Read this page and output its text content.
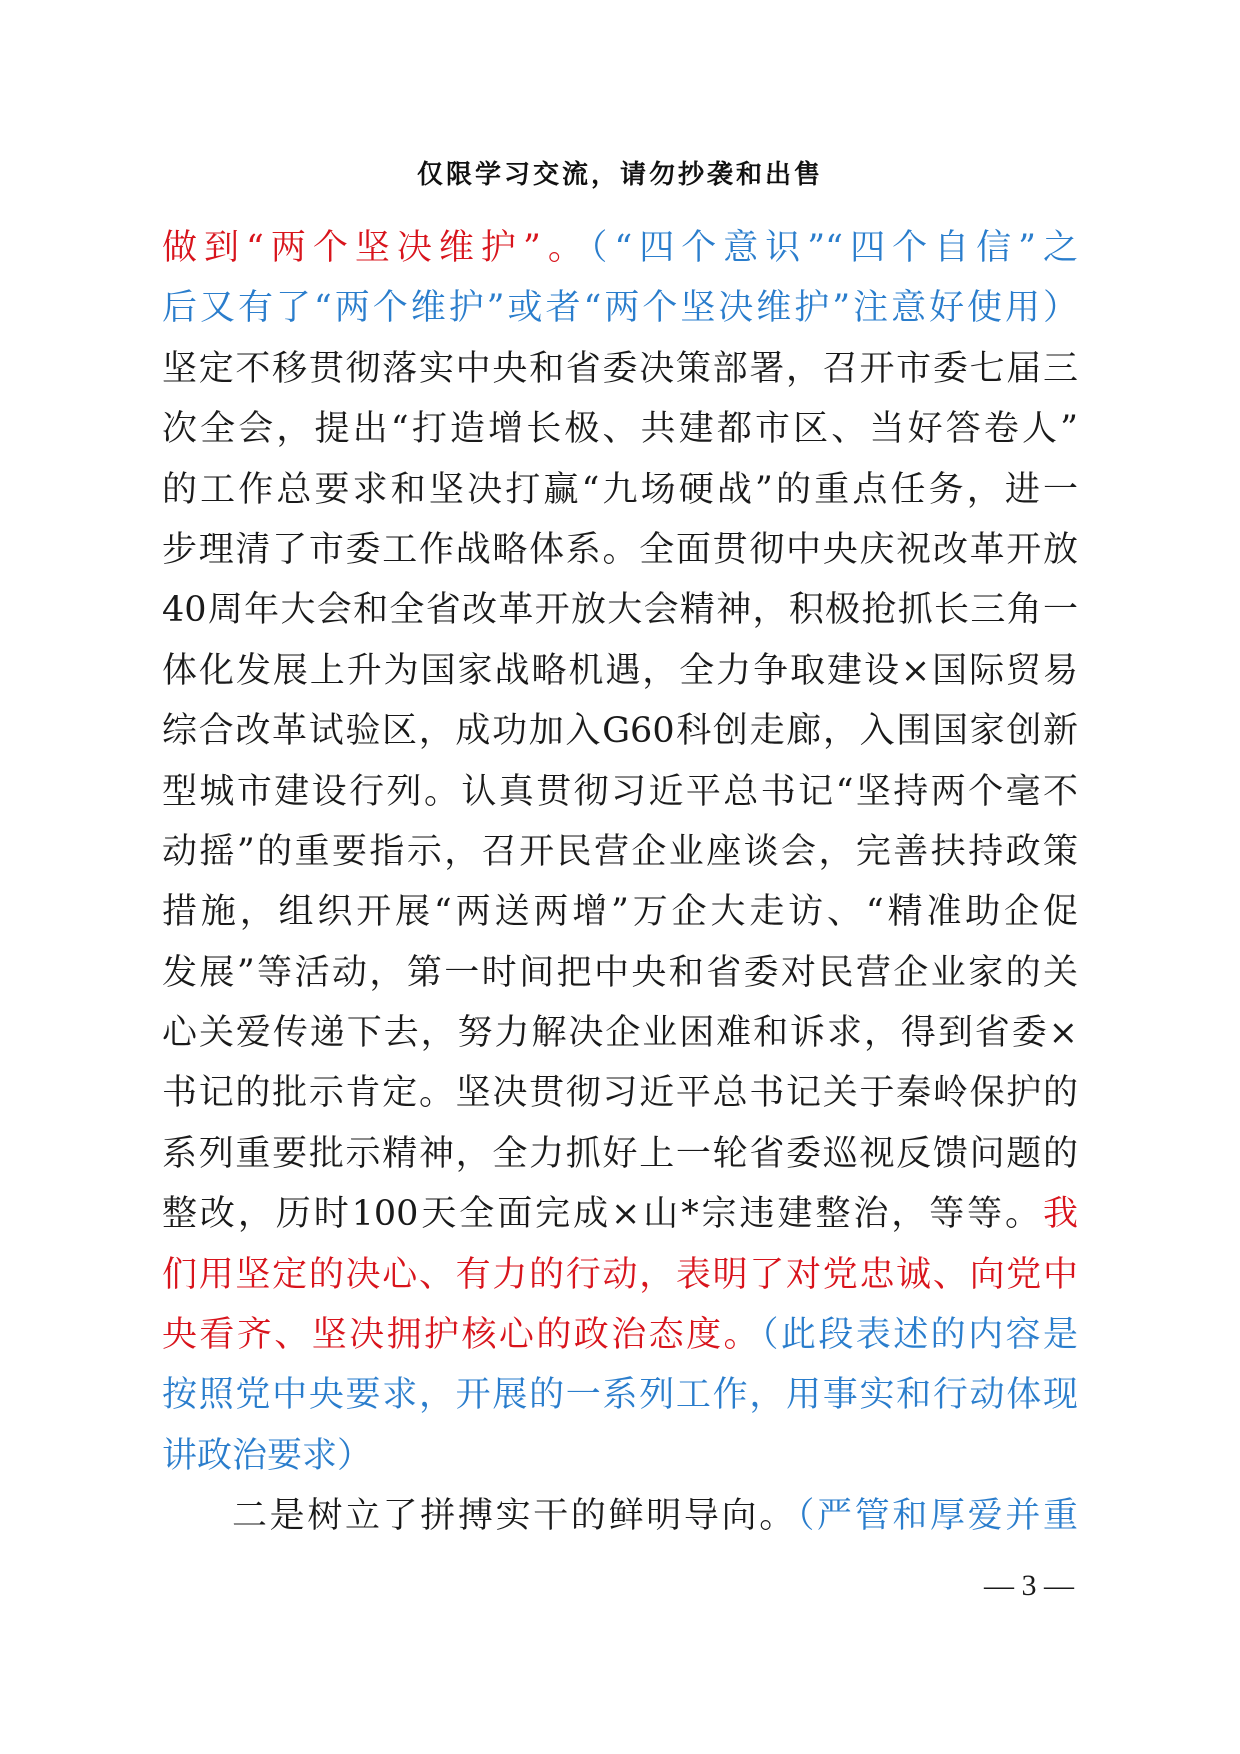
仅限学习交流，请勿抄袭和出售
做到“两个坚决维护”。（“四个意识”“四个自信”之
后又有了“两个维护”或者“两个坚决维护”注意好使用）
坚定不移贯彻落实中央和省委决策部署，召开市委七届三
次全会，提出“打造增长极、共建都市区、当好答卷人”
的工作总要求和坚决打赢“九场硬战”的重点任务，进一
步理清了市委工作战略体系。全面贯彻中央庆祝改革开放
40周年大会和全省改革开放大会精神，积极抢抓长三角一
体化发展上升为国家战略机遇，全力争取建设×国际贸易
综合改革试验区，成功加入G60科创走廊，入围国家创新
型城市建设行列。认真贯彻习近平总书记“坚持两个毫不
动摇”的重要指示，召开民营企业座谈会，完善扶持政策
措施，组织开展“两送两增”万企大走访、“精准助企促
发展”等活动，第一时间把中央和省委对民营企业家的关
心关爱传递下去，努力解决企业困难和诉求，得到省委×
书记的批示肯定。坚决贯彻习近平总书记关于秦岭保护的
系列重要批示精神，全力抓好上一轮省委巡视反馈问题的
整改，历时100天全面完成×山*宗违建整治，等等。我
们用坚定的决心、有力的行动，表明了对党忠诚、向党中
央看齐、坚决拥护核心的政治态度。（此段表述的内容是
按照党中央要求，开展的一系列工作，用事实和行动体现
讲政治要求）
二是树立了拼搏实干的鲜明导向。（严管和厚爱并重
— 3 —
